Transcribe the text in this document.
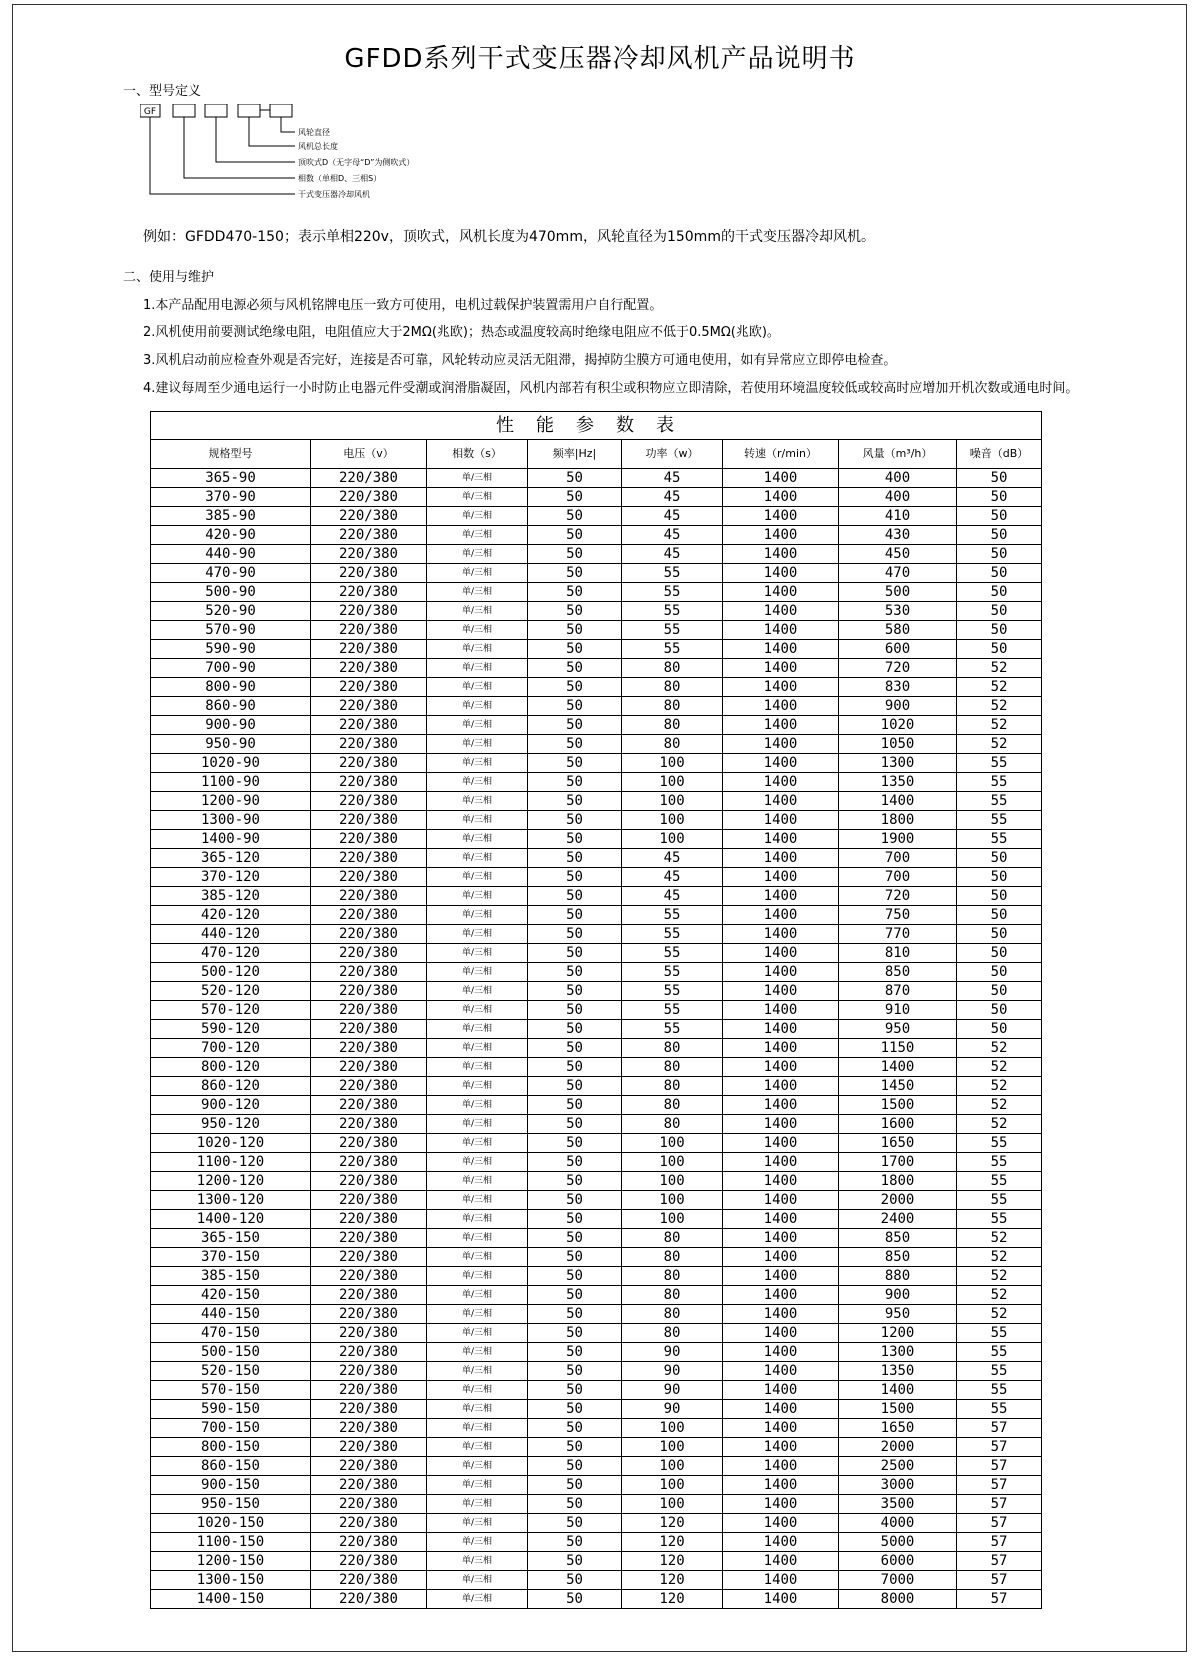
GFDD系列干式变压器冷却风机产品说明书
一、型号定义
GF
风轮直径
风机总长度
顶吹式D（无字母“D”为侧吹式）
相数（单相D、三相S）
干式变压器冷却风机
例如：GFDD470-150；表示单相220v，顶吹式，风机长度为470mm，风轮直径为150mm的干式变压器冷却风机。
二、使用与维护
1.本产品配用电源必须与风机铭牌电压一致方可使用，电机过载保护装置需用户自行配置。
2.风机使用前要测试绝缘电阻，电阻值应大于2MΩ(兆欧)；热态或温度较高时绝缘电阻应不低于0.5MΩ(兆欧)。
3.风机启动前应检查外观是否完好，连接是否可靠，风轮转动应灵活无阻滞，揭掉防尘膜方可通电使用，如有异常应立即停电检查。
4.建议每周至少通电运行一小时防止电器元件受潮或润滑脂凝固，风机内部若有积尘或积物应立即清除，若使用环境温度较低或较高时应增加开机次数或通电时间。
性能参数表							
规格型号	电压（v）	相数（s）	频率|Hz|	功率（w）	转速（r/min）	风量（m³/h）	噪音（dB）
365-90	220/380	单/三相	50	45	1400	400	50
370-90	220/380	单/三相	50	45	1400	400	50
385-90	220/380	单/三相	50	45	1400	410	50
420-90	220/380	单/三相	50	45	1400	430	50
440-90	220/380	单/三相	50	45	1400	450	50
470-90	220/380	单/三相	50	55	1400	470	50
500-90	220/380	单/三相	50	55	1400	500	50
520-90	220/380	单/三相	50	55	1400	530	50
570-90	220/380	单/三相	50	55	1400	580	50
590-90	220/380	单/三相	50	55	1400	600	50
700-90	220/380	单/三相	50	80	1400	720	52
800-90	220/380	单/三相	50	80	1400	830	52
860-90	220/380	单/三相	50	80	1400	900	52
900-90	220/380	单/三相	50	80	1400	1020	52
950-90	220/380	单/三相	50	80	1400	1050	52
1020-90	220/380	单/三相	50	100	1400	1300	55
1100-90	220/380	单/三相	50	100	1400	1350	55
1200-90	220/380	单/三相	50	100	1400	1400	55
1300-90	220/380	单/三相	50	100	1400	1800	55
1400-90	220/380	单/三相	50	100	1400	1900	55
365-120	220/380	单/三相	50	45	1400	700	50
370-120	220/380	单/三相	50	45	1400	700	50
385-120	220/380	单/三相	50	45	1400	720	50
420-120	220/380	单/三相	50	55	1400	750	50
440-120	220/380	单/三相	50	55	1400	770	50
470-120	220/380	单/三相	50	55	1400	810	50
500-120	220/380	单/三相	50	55	1400	850	50
520-120	220/380	单/三相	50	55	1400	870	50
570-120	220/380	单/三相	50	55	1400	910	50
590-120	220/380	单/三相	50	55	1400	950	50
700-120	220/380	单/三相	50	80	1400	1150	52
800-120	220/380	单/三相	50	80	1400	1400	52
860-120	220/380	单/三相	50	80	1400	1450	52
900-120	220/380	单/三相	50	80	1400	1500	52
950-120	220/380	单/三相	50	80	1400	1600	52
1020-120	220/380	单/三相	50	100	1400	1650	55
1100-120	220/380	单/三相	50	100	1400	1700	55
1200-120	220/380	单/三相	50	100	1400	1800	55
1300-120	220/380	单/三相	50	100	1400	2000	55
1400-120	220/380	单/三相	50	100	1400	2400	55
365-150	220/380	单/三相	50	80	1400	850	52
370-150	220/380	单/三相	50	80	1400	850	52
385-150	220/380	单/三相	50	80	1400	880	52
420-150	220/380	单/三相	50	80	1400	900	52
440-150	220/380	单/三相	50	80	1400	950	52
470-150	220/380	单/三相	50	80	1400	1200	55
500-150	220/380	单/三相	50	90	1400	1300	55
520-150	220/380	单/三相	50	90	1400	1350	55
570-150	220/380	单/三相	50	90	1400	1400	55
590-150	220/380	单/三相	50	90	1400	1500	55
700-150	220/380	单/三相	50	100	1400	1650	57
800-150	220/380	单/三相	50	100	1400	2000	57
860-150	220/380	单/三相	50	100	1400	2500	57
900-150	220/380	单/三相	50	100	1400	3000	57
950-150	220/380	单/三相	50	100	1400	3500	57
1020-150	220/380	单/三相	50	120	1400	4000	57
1100-150	220/380	单/三相	50	120	1400	5000	57
1200-150	220/380	单/三相	50	120	1400	6000	57
1300-150	220/380	单/三相	50	120	1400	7000	57
1400-150	220/380	单/三相	50	120	1400	8000	57
